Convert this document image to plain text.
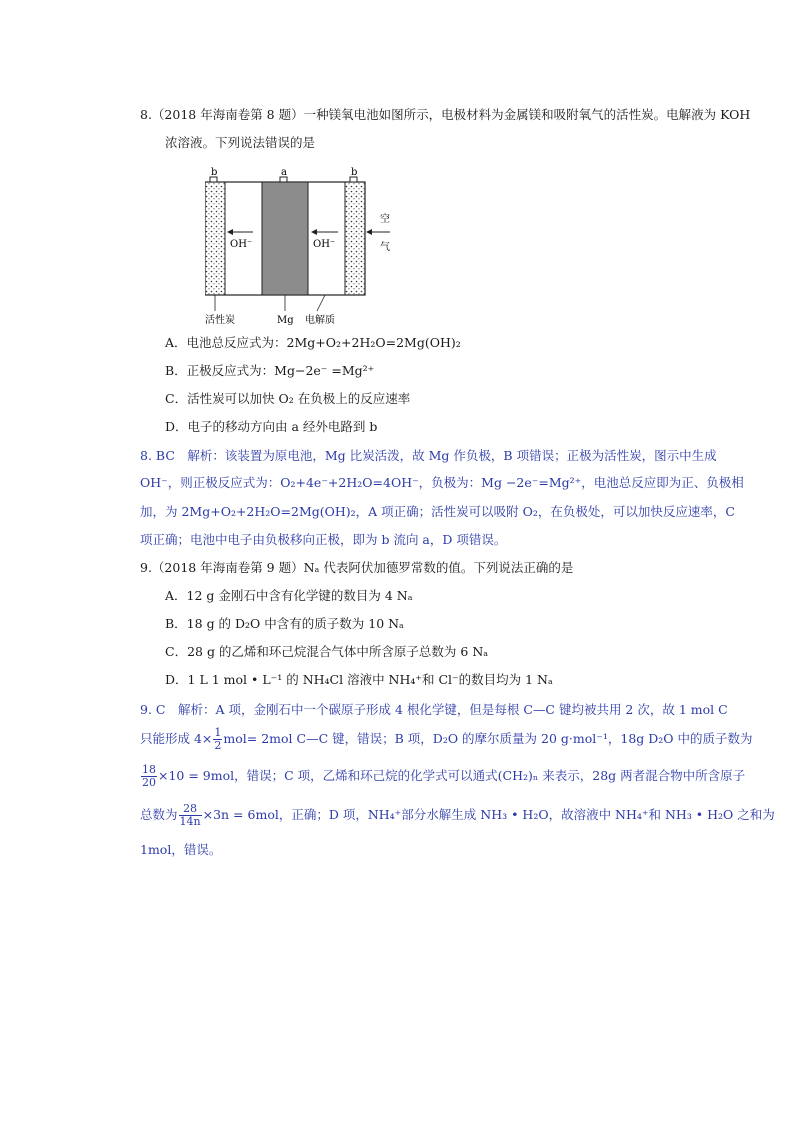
8.（2018 年海南卷第 8 题）一种镁氧电池如图所示，电极材料为金属镁和吸附氧气的活性炭。电解液为 KOH
浓溶液。下列说法错误的是
b	a	b
OH⁻	OH⁻
空
气
活性炭	Mg 电解质
A．电池总反应式为：2Mg+O₂+2H₂O=2Mg(OH)₂
B．正极反应式为：Mg−2e⁻ =Mg²⁺
C．活性炭可以加快 O₂ 在负极上的反应速率
D．电子的移动方向由 a 经外电路到 b
8. BC　解析：该装置为原电池，Mg 比炭活泼，故 Mg 作负极，B 项错误；正极为活性炭，图示中生成
OH⁻，则正极反应式为：O₂+4e⁻+2H₂O=4OH⁻，负极为：Mg −2e⁻=Mg²⁺，电池总反应即为正、负极相
加，为 2Mg+O₂+2H₂O=2Mg(OH)₂，A 项正确；活性炭可以吸附 O₂，在负极处，可以加快反应速率，C
项正确；电池中电子由负极移向正极，即为 b 流向 a，D 项错误。
9.（2018 年海南卷第 9 题）Nₐ 代表阿伏加德罗常数的值。下列说法正确的是
A．12 g 金刚石中含有化学键的数目为 4 Nₐ
B．18 g 的 D₂O 中含有的质子数为 10 Nₐ
C．28 g 的乙烯和环己烷混合气体中所含原子总数为 6 Nₐ
D．1 L 1 mol • L⁻¹ 的 NH₄Cl 溶液中 NH₄⁺和 Cl⁻的数目均为 1 Nₐ
9. C　解析：A 项，金刚石中一个碳原子形成 4 根化学键，但是每根 C—C 键均被共用 2 次，故 1 mol C
只能形成 $4\times \frac{1}{2} mol= 2mol$ C—C 键，错误；B 项，D₂O 的摩尔质量为 20 g·mol⁻¹，18g D₂O 中的质子数为
$\frac{18}{20} \times 10 = 9mol$，错误；C 项，乙烯和环己烷的化学式可以通式(CH₂)ₙ 来表示，28g 两者混合物中所含原子
总数为 $\frac{28}{14n} \times 3n = 6mol$，正确；D 项，NH₄⁺部分水解生成 NH₃ • H₂O，故溶液中 NH₄⁺和 NH₃ • H₂O 之和为
1mol，错误。
